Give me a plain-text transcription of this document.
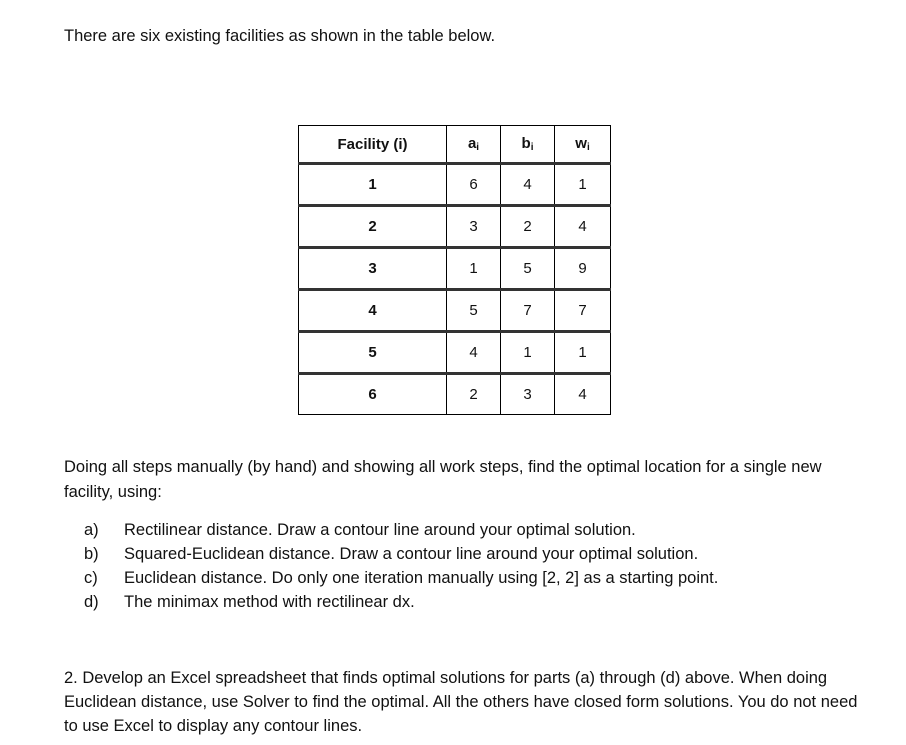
There are six existing facilities as shown in the table below.
Facility (i)	$a_i$	$b_i$	$w_i$
1	6	4	1
2	3	2	4
3	1	5	9
4	5	7	7
5	4	1	1
6	2	3	4
Doing all steps manually (by hand) and showing all work steps, find the optimal location for a single new facility, using:
a)	Rectilinear distance. Draw a contour line around your optimal solution.
b)	Squared-Euclidean distance. Draw a contour line around your optimal solution.
c)	Euclidean distance. Do only one iteration manually using [2, 2] as a starting point.
d)	The minimax method with rectilinear dx.
2. Develop an Excel spreadsheet that finds optimal solutions for parts (a) through (d) above. When doing Euclidean distance, use Solver to find the optimal. All the others have closed form solutions. You do not need to use Excel to display any contour lines.
